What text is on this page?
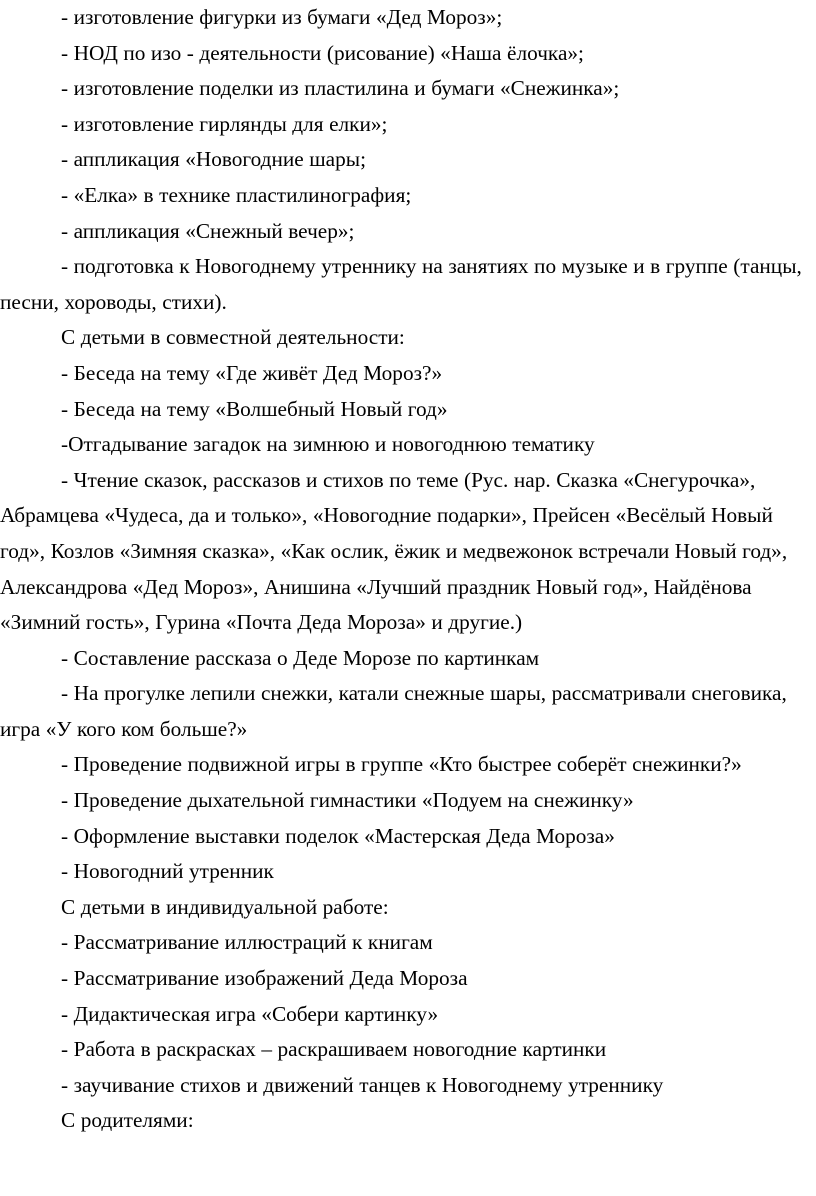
- изготовление фигурки из бумаги «Дед Мороз»;

- НОД по изо - деятельности (рисование) «Наша ёлочка»;

- изготовление поделки из пластилина и бумаги «Снежинка»;

- изготовление гирлянды для елки»;

- аппликация «Новогодние шары;

- «Елка» в технике пластилинография;

- аппликация «Снежный вечер»;

- подготовка к Новогоднему утреннику на занятиях по музыке и в группе (танцы, песни, хороводы, стихи).

С детьми в совместной деятельности:

- Беседа на тему «Где живёт Дед Мороз?»

- Беседа на тему «Волшебный Новый год»

-Отгадывание загадок на зимнюю и новогоднюю тематику

- Чтение сказок, рассказов и стихов по теме (Рус. нар. Сказка «Снегурочка», Абрамцева «Чудеса, да и только», «Новогодние подарки», Прейсен «Весёлый Новый год», Козлов «Зимняя сказка», «Как ослик, ёжик и медвежонок встречали Новый год», Александрова «Дед Мороз», Анишина «Лучший праздник Новый год», Найдёнова «Зимний гость», Гурина «Почта Деда Мороза» и другие.)

- Составление рассказа о Деде Морозе по картинкам

- На прогулке лепили снежки, катали снежные шары, рассматривали снеговика, игра «У кого ком больше?»

- Проведение подвижной игры в группе «Кто быстрее соберёт снежинки?»

- Проведение дыхательной гимнастики «Подуем на снежинку»

- Оформление выставки поделок «Мастерская Деда Мороза»

- Новогодний утренник

С детьми в индивидуальной работе:

- Рассматривание иллюстраций к книгам

- Рассматривание изображений Деда Мороза

- Дидактическая игра «Собери картинку»

- Работа в раскрасках – раскрашиваем новогодние картинки

- заучивание стихов и движений танцев к Новогоднему утреннику

С родителями:
